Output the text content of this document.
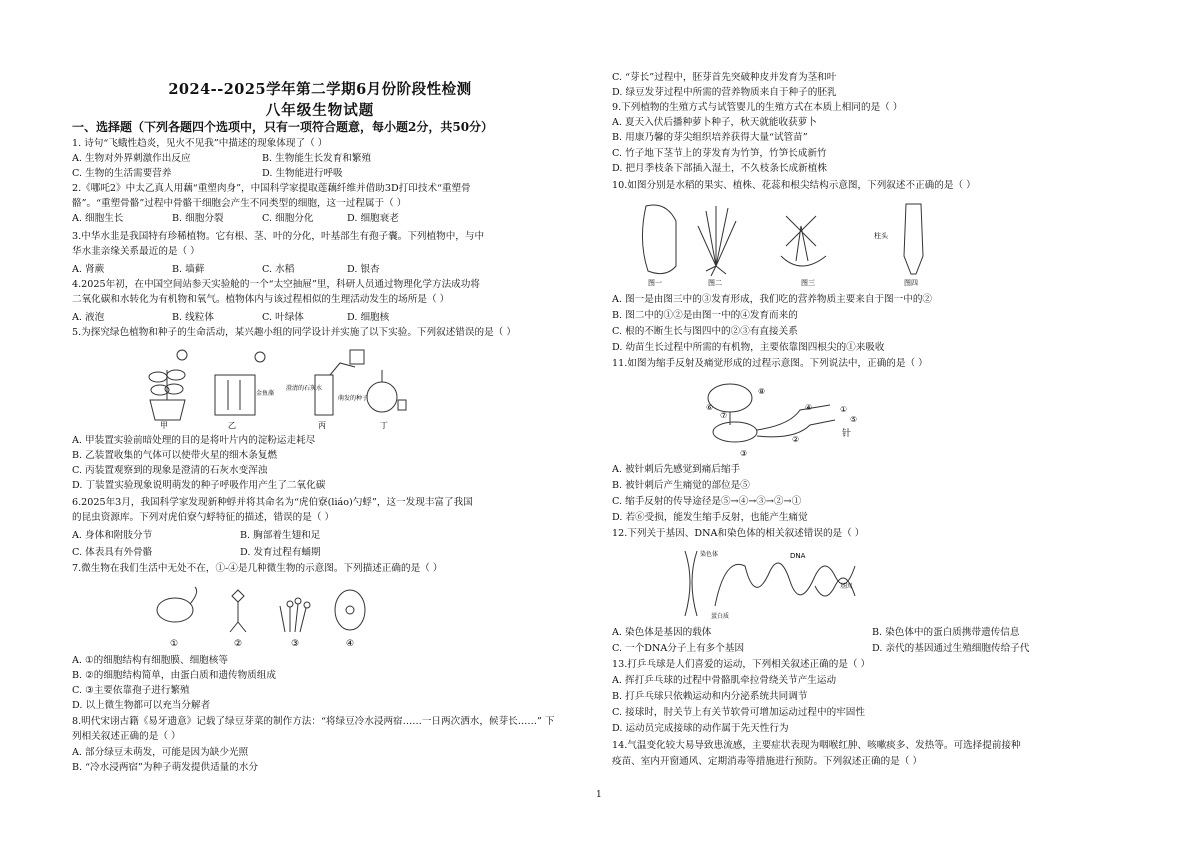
2024--2025学年第二学期6月份阶段性检测
八年级生物试题
一、选择题（下列各题四个选项中，只有一项符合题意，每小题2分，共50分）
1. 诗句“飞蛾性趋炎，见火不见我”中描述的现象体现了（ ）
A. 生物对外界刺激作出反应	B. 生物能生长发育和繁殖
C. 生物的生活需要营养	D. 生物能进行呼吸
2.《哪吒2》中太乙真人用藕“重塑肉身”，中国科学家提取莲藕纤维并借助3D打印技术“重塑骨
骼”。“重塑骨骼”过程中骨骼干细胞会产生不同类型的细胞，这一过程属于（ ）
A. 细胞生长	B. 细胞分裂	C. 细胞分化	D. 细胞衰老
3.中华水韭是我国特有珍稀植物。它有根、茎、叶的分化，叶基部生有孢子囊。下列植物中，与中
华水韭亲缘关系最近的是（ ）
A. 肾蕨	B. 墙藓	C. 水稻	D. 银杏
4.2025年初，在中国空间站参天实验舱的一个“太空抽屉”里，科研人员通过物理化学方法成功将
二氧化碳和水转化为有机物和氧气。植物体内与该过程相似的生理活动发生的场所是（ ）
A. 液泡	B. 线粒体	C. 叶绿体	D. 细胞核
5.为探究绿色植物和种子的生命活动，某兴趣小组的同学设计并实施了以下实验。下列叙述错误的是（ ）
A. 甲装置实验前暗处理的目的是将叶片内的淀粉运走耗尽
B. 乙装置收集的气体可以使带火星的细木条复燃
C. 丙装置观察到的现象是澄清的石灰水变浑浊
D. 丁装置实验现象说明萌发的种子呼吸作用产生了二氧化碳
6.2025年3月，我国科学家发现新种蜉并将其命名为“虎伯寮(liáo)勺蜉”，这一发现丰富了我国
的昆虫资源库。下列对虎伯寮勺蜉特征的描述，错误的是（ ）
A. 身体和附肢分节	B. 胸部着生翅和足
C. 体表具有外骨骼	D. 发育过程有蛹期
7.微生物在我们生活中无处不在，①-④是几种微生物的示意图。下列描述正确的是（ ）
A. ①的细胞结构有细胞膜、细胞核等
B. ②的细胞结构简单，由蛋白质和遗传物质组成
C. ③主要依靠孢子进行繁殖
D. 以上微生物都可以充当分解者
8.明代宋诩古籍《易牙遗意》记载了绿豆芽菜的制作方法：“将绿豆冷水浸两宿……一日两次洒水，候芽长……” 下
列相关叙述正确的是（ ）
A. 部分绿豆未萌发，可能是因为缺少光照
B. “冷水浸两宿”为种子萌发提供适量的水分
C. “芽长”过程中，胚芽首先突破种皮并发育为茎和叶
D. 绿豆发芽过程中所需的营养物质来自于种子的胚乳
9.下列植物的生殖方式与试管婴儿的生殖方式在本质上相同的是（ ）
A. 夏天入伏后播种萝卜种子，秋天就能收获萝卜
B. 用康乃馨的芽尖组织培养获得大量“试管苗”
C. 竹子地下茎节上的芽发育为竹笋，竹笋长成新竹
D. 把月季枝条下部插入湿土，不久枝条长成新植株
10.如图分别是水稻的果实、植株、花蕊和根尖结构示意图，下列叙述不正确的是（ ）
A. 图一是由图三中的③发育形成，我们吃的营养物质主要来自于图一中的②
B. 图二中的①②是由图一中的④发育而来的
C. 根的不断生长与图四中的②③有直接关系
D. 幼苗生长过程中所需的有机物，主要依靠图四根尖的①来吸收
11.如图为缩手反射及痛觉形成的过程示意图。下列说法中，正确的是（ ）
A. 被针刺后先感觉到痛后缩手
B. 被针刺后产生痛觉的部位是⑤
C. 缩手反射的传导途径是⑤→④→③→②→①
D. 若⑥受损，能发生缩手反射，也能产生痛觉
12.下列关于基因、DNA和染色体的相关叙述错误的是（ ）
A. 染色体是基因的载体	B. 染色体中的蛋白质携带遗传信息
C. 一个DNA分子上有多个基因	D. 亲代的基因通过生殖细胞传给子代
13.打乒乓球是人们喜爱的运动，下列相关叙述正确的是（ ）
A. 挥打乒乓球的过程中骨骼肌牵拉骨绕关节产生运动
B. 打乒乓球只依赖运动和内分泌系统共同调节
C. 接球时，肘关节上有关节软骨可增加运动过程中的牢固性
D. 运动员完成接球的动作属于先天性行为
14.气温变化较大易导致患流感，主要症状表现为咽喉红肿、咳嗽痰多、发热等。可选择提前接种
疫苗、室内开窗通风、定期消毒等措施进行预防。下列叙述正确的是（ ）
甲	乙	丙	丁
金鱼藻
澄清的石灰水
萌发的种子
①	②	③	④
图一	图二	图三	图四
柱头
针
①
②
③
④
⑤
⑥
⑦
⑧
染色体	DNA
蛋白质
基因
1
